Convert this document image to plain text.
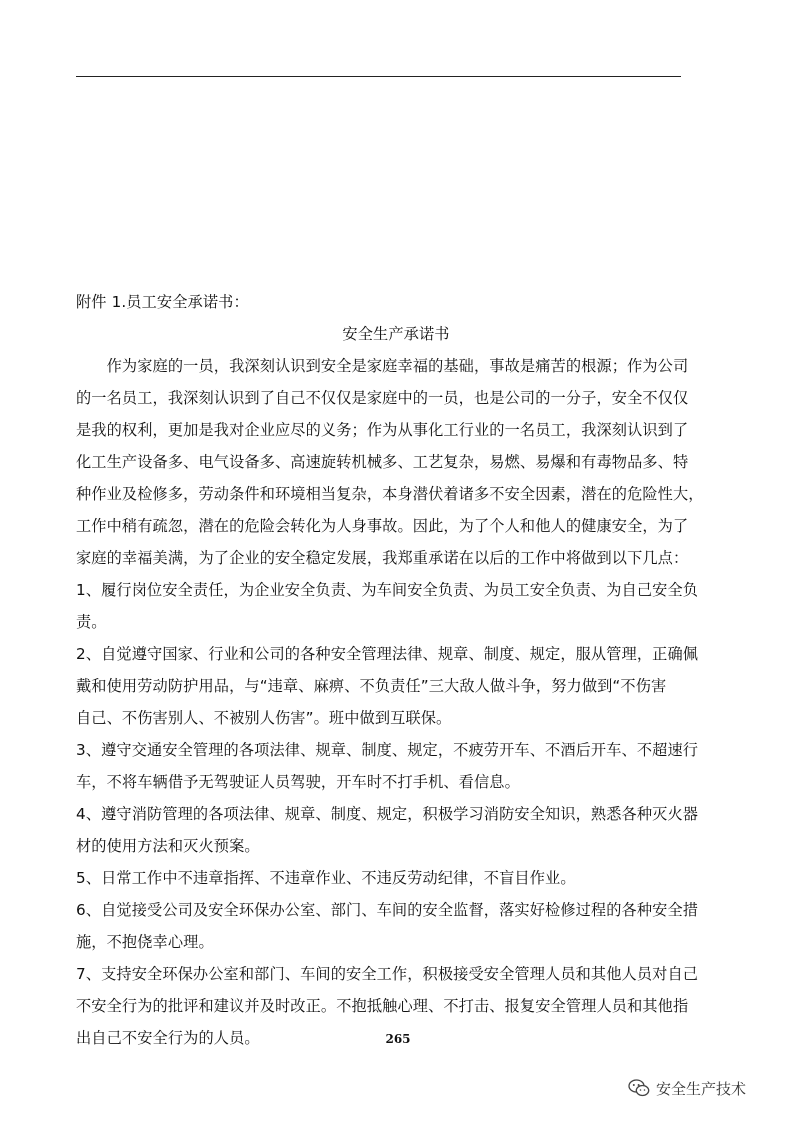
附件 1.员工安全承诺书：
安全生产承诺书
　　作为家庭的一员，我深刻认识到安全是家庭幸福的基础，事故是痛苦的根源；作为公司
的一名员工，我深刻认识到了自己不仅仅是家庭中的一员，也是公司的一分子，安全不仅仅
是我的权利，更加是我对企业应尽的义务；作为从事化工行业的一名员工，我深刻认识到了
化工生产设备多、电气设备多、高速旋转机械多、工艺复杂，易燃、易爆和有毒物品多、特
种作业及检修多，劳动条件和环境相当复杂，本身潜伏着诸多不安全因素，潜在的危险性大，
工作中稍有疏忽，潜在的危险会转化为人身事故。因此，为了个人和他人的健康安全，为了
家庭的幸福美满，为了企业的安全稳定发展，我郑重承诺在以后的工作中将做到以下几点：
1、履行岗位安全责任，为企业安全负责、为车间安全负责、为员工安全负责、为自己安全负
责。
2、自觉遵守国家、行业和公司的各种安全管理法律、规章、制度、规定，服从管理，正确佩
戴和使用劳动防护用品，与“违章、麻痹、不负责任”三大敌人做斗争，努力做到“不伤害
自己、不伤害别人、不被别人伤害”。班中做到互联保。
3、遵守交通安全管理的各项法律、规章、制度、规定，不疲劳开车、不酒后开车、不超速行
车，不将车辆借予无驾驶证人员驾驶，开车时不打手机、看信息。
4、遵守消防管理的各项法律、规章、制度、规定，积极学习消防安全知识，熟悉各种灭火器
材的使用方法和灭火预案。
5、日常工作中不违章指挥、不违章作业、不违反劳动纪律，不盲目作业。
6、自觉接受公司及安全环保办公室、部门、车间的安全监督，落实好检修过程的各种安全措
施，不抱侥幸心理。
7、支持安全环保办公室和部门、车间的安全工作，积极接受安全管理人员和其他人员对自己
不安全行为的批评和建议并及时改正。不抱抵触心理、不打击、报复安全管理人员和其他指
出自己不安全行为的人员。	265
安全生产技术
